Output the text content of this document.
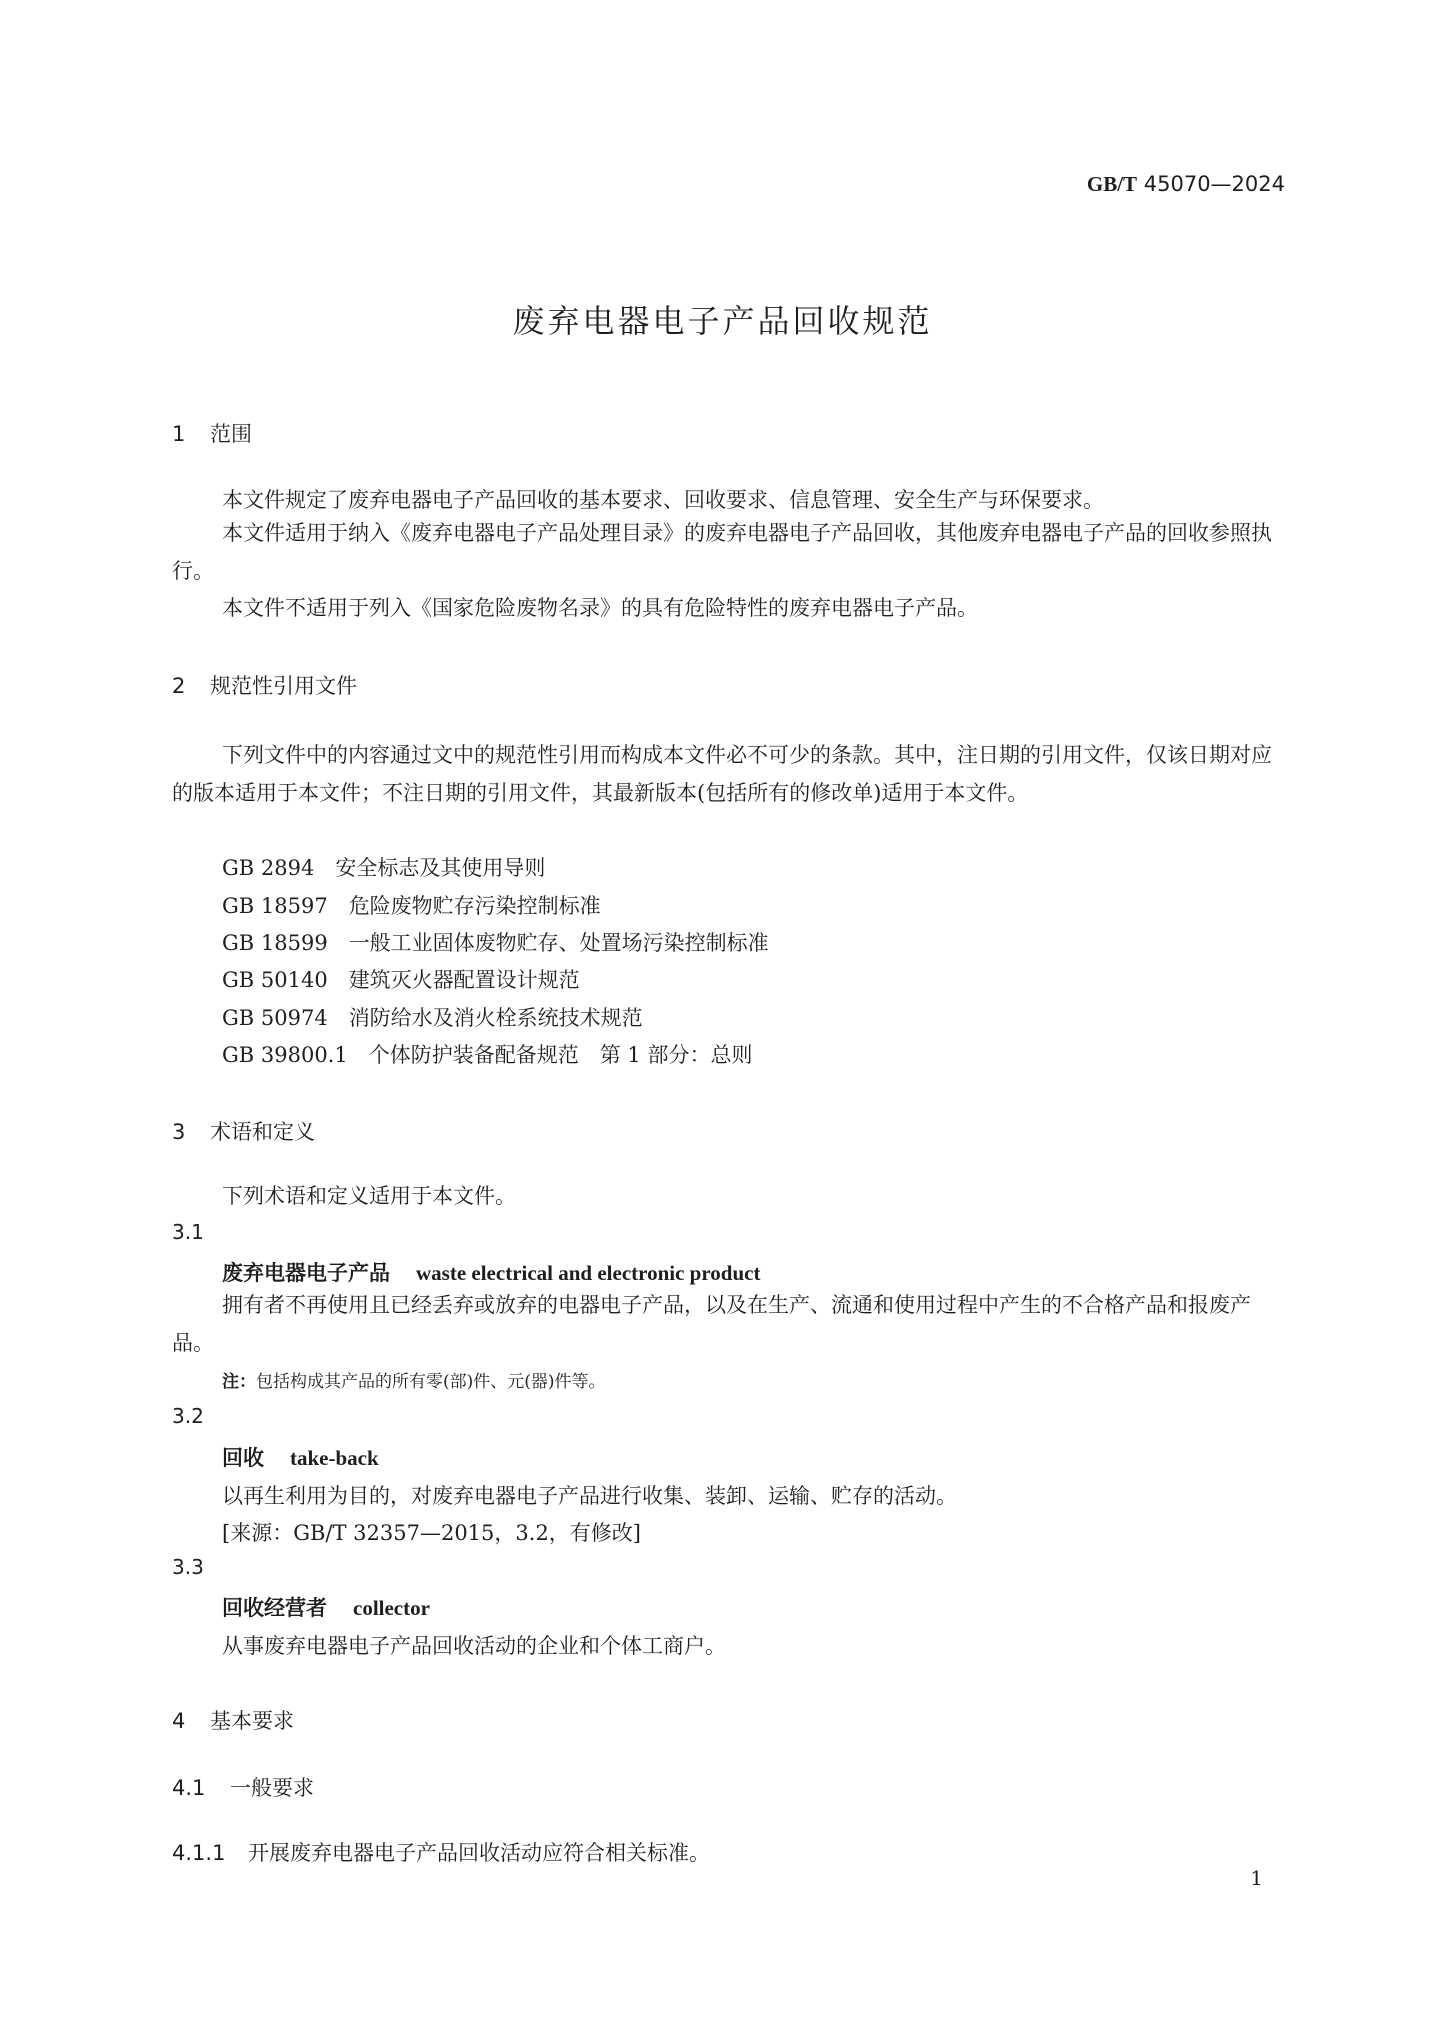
GB/T 45070—2024
废弃电器电子产品回收规范
1 范围
本文件规定了废弃电器电子产品回收的基本要求、回收要求、信息管理、安全生产与环保要求。
本文件适用于纳入《废弃电器电子产品处理目录》的废弃电器电子产品回收，其他废弃电器电子产品的回收参照执行。
本文件不适用于列入《国家危险废物名录》的具有危险特性的废弃电器电子产品。
2 规范性引用文件
下列文件中的内容通过文中的规范性引用而构成本文件必不可少的条款。其中，注日期的引用文件，仅该日期对应的版本适用于本文件；不注日期的引用文件，其最新版本(包括所有的修改单)适用于本文件。
GB 2894　 安全标志及其使用导则
GB 18597　 危险废物贮存污染控制标准
GB 18599　 一般工业固体废物贮存、处置场污染控制标准
GB 50140　 建筑灭火器配置设计规范
GB 50974　 消防给水及消火栓系统技术规范
GB 39800.1　 个体防护装备配备规范　第 1 部分：总则
3 术语和定义
下列术语和定义适用于本文件。
3.1
废弃电器电子产品 waste electrical and electronic product
拥有者不再使用且已经丢弃或放弃的电器电子产品，以及在生产、流通和使用过程中产生的不合格产品和报废产品。
注：包括构成其产品的所有零(部)件、元(器)件等。
3.2
回收 take-back
以再生利用为目的，对废弃电器电子产品进行收集、装卸、运输、贮存的活动。
[来源：GB/T 32357—2015，3.2，有修改]
3.3
回收经营者 collector
从事废弃电器电子产品回收活动的企业和个体工商户。
4 基本要求
4.1 一般要求
4.1.1 开展废弃电器电子产品回收活动应符合相关标准。
1
